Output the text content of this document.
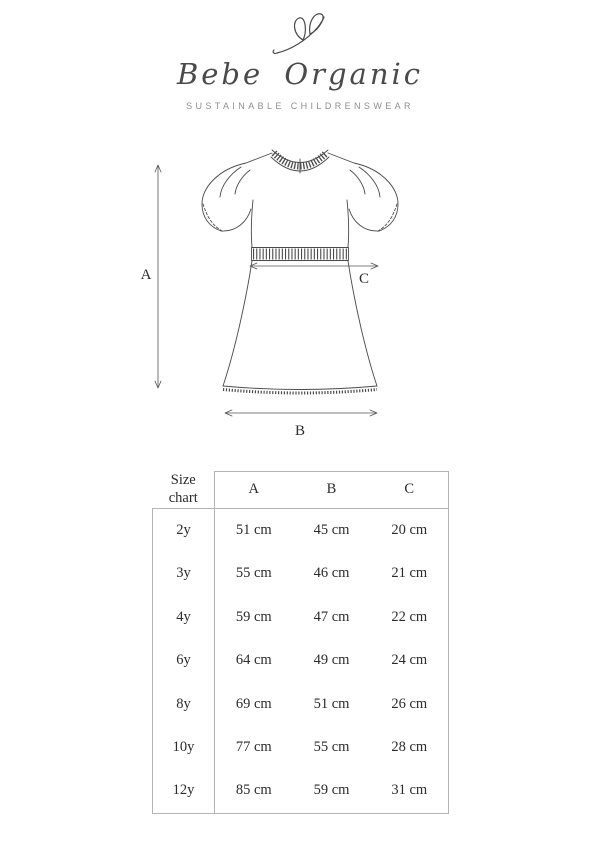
Bebe Organic
SUSTAINABLE CHILDRENSWEAR
A	C
B
Size
chart	A	B	C
2y	51 cm	45 cm	20 cm
3y	55 cm	46 cm	21 cm
4y	59 cm	47 cm	22 cm
6y	64 cm	49 cm	24 cm
8y	69 cm	51 cm	26 cm
10y	77 cm	55 cm	28 cm
12y	85 cm	59 cm	31 cm
